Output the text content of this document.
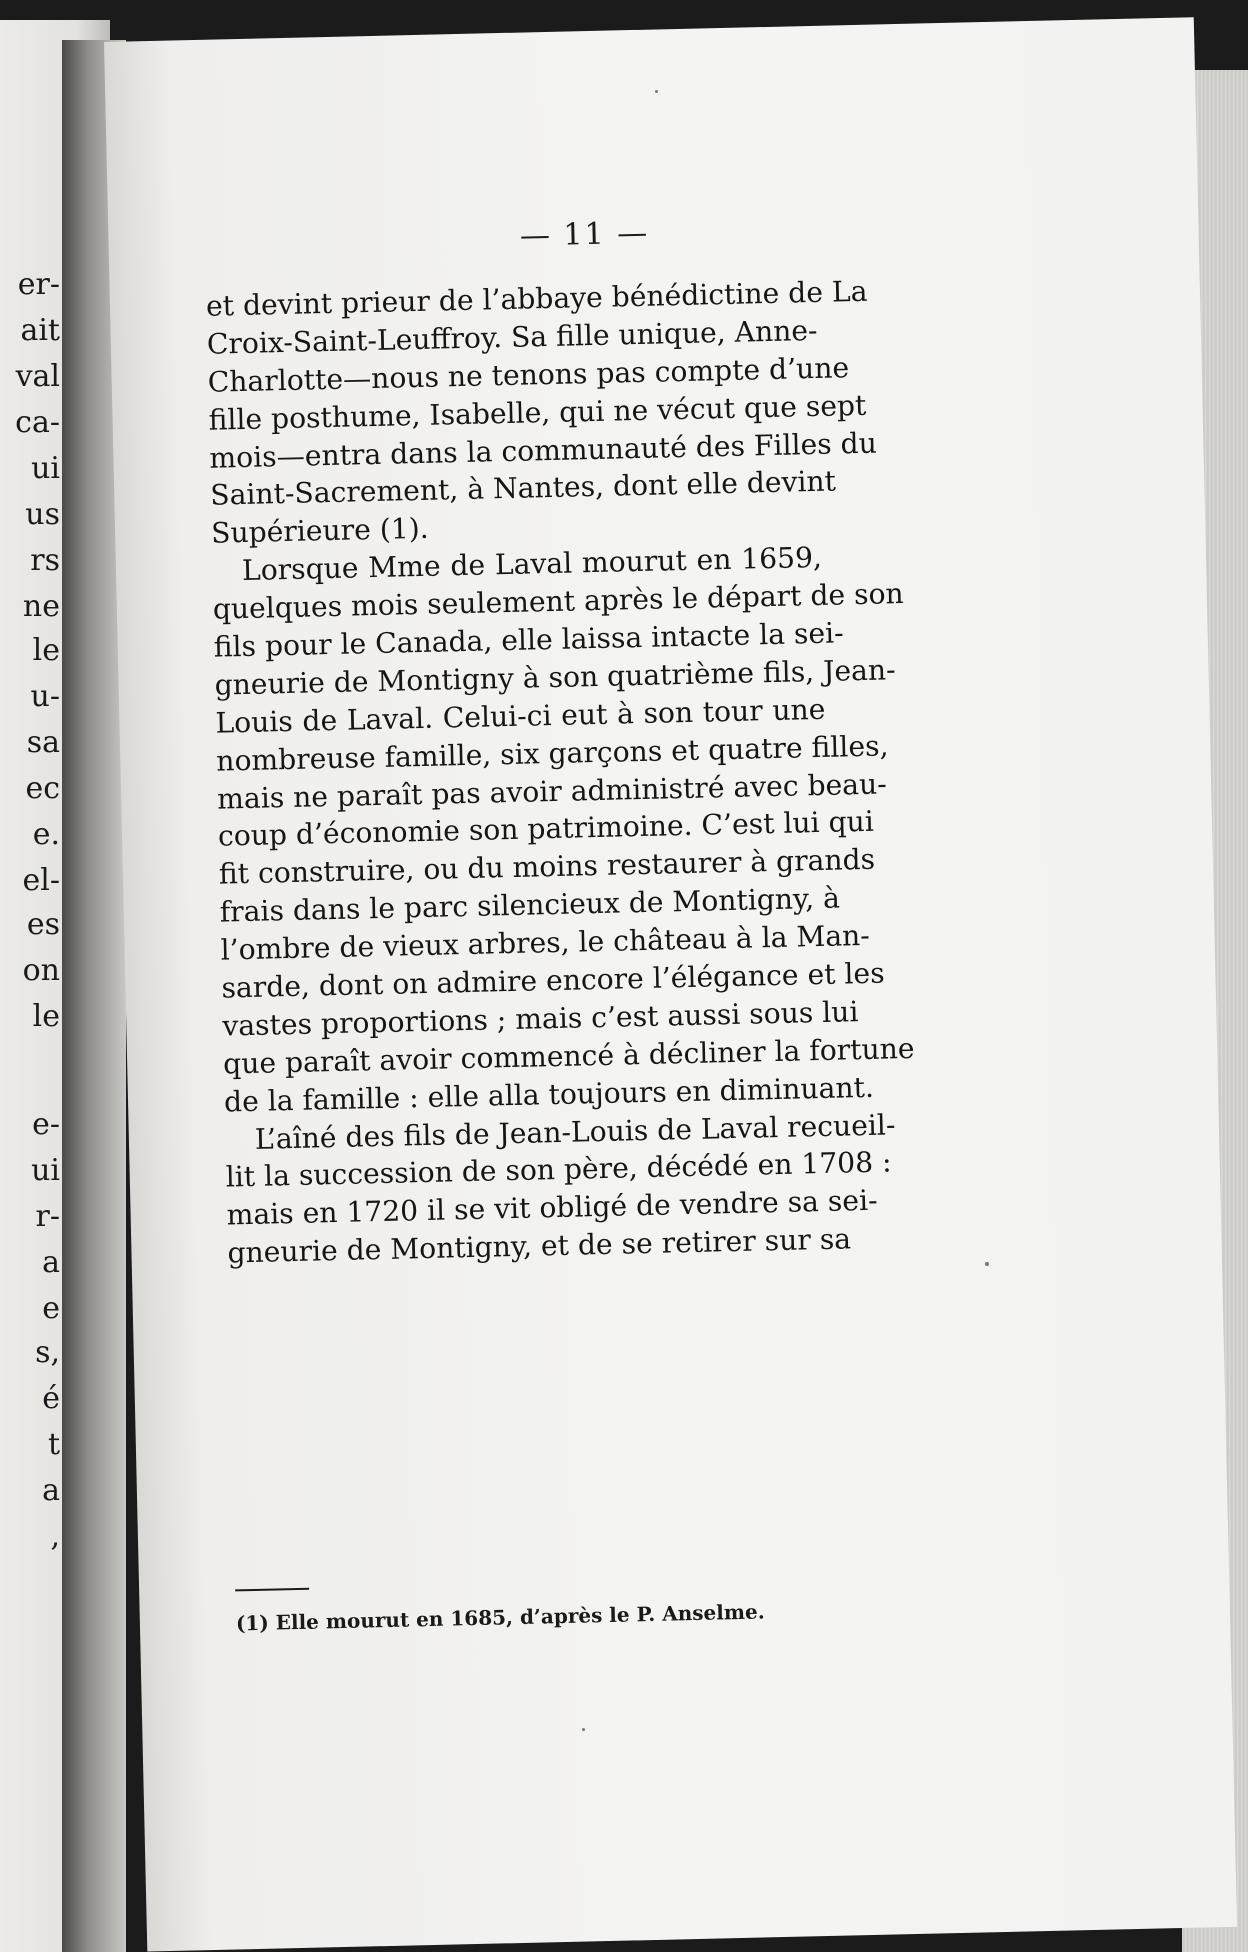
er-
ait
val
ca-
ui
us
rs
ne
le
u-
sa
ec
e.
el-
es
on
le
e-
ui
r-
a
e
s,
é
t
a
,
— 11 —
et devint prieur de l’abbaye bénédictine de La
Croix-Saint-Leuffroy. Sa fille unique, Anne-
Charlotte—nous ne tenons pas compte d’une
fille posthume, Isabelle, qui ne vécut que sept
mois—entra dans la communauté des Filles du
Saint-Sacrement, à Nantes, dont elle devint
Supérieure (1).
Lorsque Mme de Laval mourut en 1659,
quelques mois seulement après le départ de son
fils pour le Canada, elle laissa intacte la sei-
gneurie de Montigny à son quatrième fils, Jean-
Louis de Laval. Celui-ci eut à son tour une
nombreuse famille, six garçons et quatre filles,
mais ne paraît pas avoir administré avec beau-
coup d’économie son patrimoine. C’est lui qui
fit construire, ou du moins restaurer à grands
frais dans le parc silencieux de Montigny, à
l’ombre de vieux arbres, le château à la Man-
sarde, dont on admire encore l’élégance et les
vastes proportions ; mais c’est aussi sous lui
que paraît avoir commencé à décliner la fortune
de la famille : elle alla toujours en diminuant.
L’aîné des fils de Jean-Louis de Laval recueil-
lit la succession de son père, décédé en 1708 :
mais en 1720 il se vit obligé de vendre sa sei-
gneurie de Montigny, et de se retirer sur sa
(1) Elle mourut en 1685, d’après le P. Anselme.
